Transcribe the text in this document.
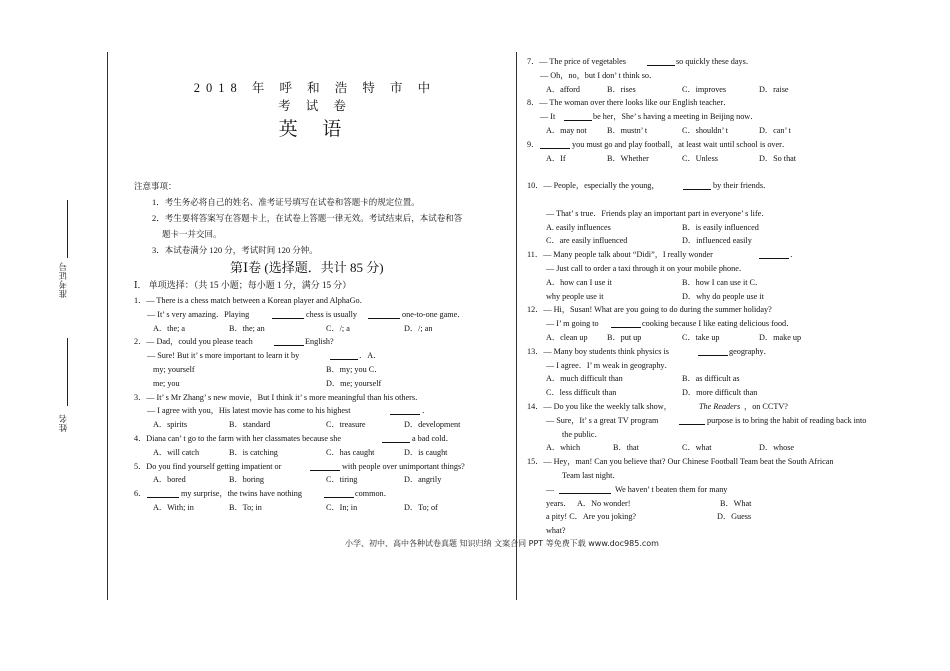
准考证号
姓名
2018 年 呼 和 浩 特 市 中 考 试 卷
英 语
注意事项：
1．考生务必将自己的姓名、准考证号填写在试卷和答题卡的规定位置。
2．考生要将答案写在答题卡上，在试卷上答题一律无效。考试结束后，本试卷和答
题卡一并交回。
3．本试卷满分 120 分，考试时间 120 分钟。
第Ⅰ卷 (选择题．共计 85 分)
Ⅰ． 单项选择：（共 15 小题；每小题 1 分，满分 15 分）
1．— There is a chess match between a Korean player and AlphaGo．
— It’ s very amazing．Playing	chess is usually	one-to-one game．
A．the; a	B．the; an	C．/; a	D．/; an
2．— Dad，could you please teach	English?
— Sure! But it’ s more important to learn it by	．A．
my; yourself	B．my; you C．
me; you	D．me; yourself
3．— It’ s Mr Zhang’ s new movie，But I think it’ s more meaningful than his others．
— I agree with you，His latest movie has come to his highest	．
A．spirits	B．standard	C．treasure	D．development
4．Diana can’ t go to the farm with her classmates because she	a bad cold．
A．will catch	B．is catching	C．has caught	D．is caught
5．Do you find yourself getting impatient or	with people over unimportant things?
A．bored	B．boring	C．tiring	D．angrily
6．	my surprise，the twins have nothing	common．
A．With; in	B．To; in	C．In; in	D．To; of
7．— The price of vegetables	so quickly these days．
— Oh，no，but I don’ t think so．
A．afford	B．rises	C．improves	D．raise
8．— The woman over there looks like our English teacher．
— It	be her，She’ s having a meeting in Beijing now．
A．may not B．mustn’ t	C．shouldn’ t	D．can’ t
9．	you must go and play football，at least wait until school is over．
A．If	B．Whether	C．Unless	D．So that
10．— People，especially the young，	by their friends．
— That’ s true．Friends play an important part in everyone’ s life．
A. easily influences	B．is easily influenced
C．are easily influenced	D．influenced easily
11．— Many people talk about “Didi”，I really wonder	．
— Just call to order a taxi through it on your mobile phone．
A．how can I use it	B．how I can use it C．
why people use it	D．why do people use it
12．— Hi，Susan! What are you going to do during the summer holiday?
— I’ m going to	cooking because I like eating delicious food．
A．clean up B．put up	C．take up	D．make up
13．— Many boy students think physics is	geography．
— I agree．I’ m weak in geography．
A．much difficult than	B．as difficult as
C．less difficult than	D．more difficult than
14．— Do you like the weekly talk show，	The Readers ，on CCTV?
— Sure，It’ s a great TV program	purpose is to bring the habit of reading back into
the public．
A．which	B．that	C．what	D．whose
15．— Hey，man! Can you believe that? Our Chinese Football Team beat the South African
Team last night．
—	We haven’ t beaten them for many
years． A．No wonder!	B．What
a pity! C．Are you joking?	D．Guess
what?
小学、初中、高中各种试卷真题 知识归纳 文案合同 PPT 等免费下载 www.doc985.com
